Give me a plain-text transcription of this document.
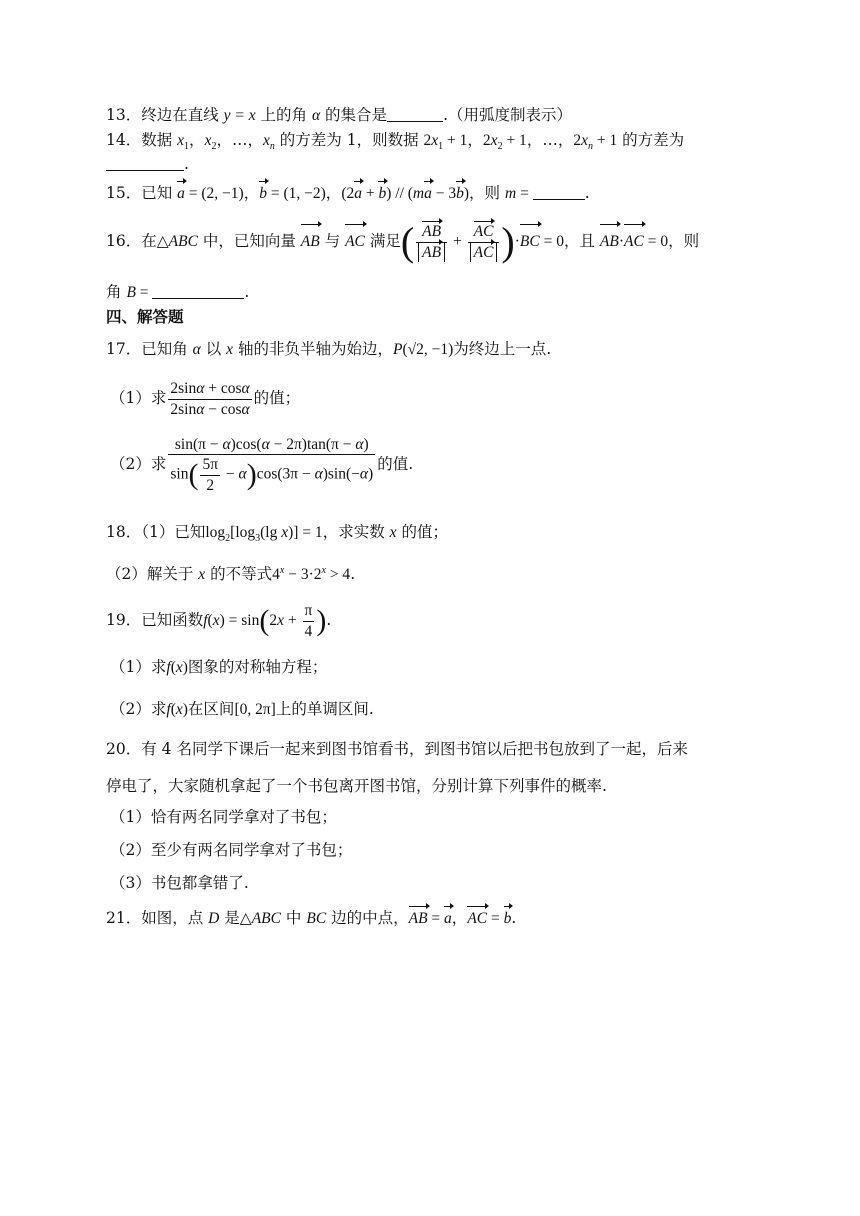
13．终边在直线 y = x 上的角 α 的集合是	.（用弧度制表示）
14．数据 $x_1$，$x_2$，…，$x_n$ 的方差为 1，则数据 $2x_1 + 1$，$2x_2 + 1$，…，$2x_n + 1$ 的方差为
.
15．已知 a = (2, −1)，b = (1, −2)，(2a + b) // (ma − 3b)，则 m =	.
16．在△ABC 中，已知向量 AB 与 AC 满足( $\frac{AB}{AB} + \frac{AC}{AC} )\cdot BC = 0$，且 AB·AC = 0，则
角 B =	.
四、解答题
17．已知角 α 以 x 轴的非负半轴为始边，P(√2, −1)为终边上一点.
（1）求 $\frac{2\sin\alpha + \cos\alpha}{2\sin\alpha - \cos\alpha}$ 的值；
（2）求 $\frac{\sin(\pi - \alpha)\cos(\alpha - 2\pi)\tan(\pi - \alpha)}{\sin( \frac{5\pi}{2} - \alpha)\cos(3\pi - \alpha)\sin(-\alpha)}$ 的值.
18．（1）已知$\log_2[\log_3(\lg$ x)] = 1，求实数 x 的值；
（2）解关于 x 的不等式$4^x - 3\cdot 2^x > 4$.
19．已知函数$f(x) = \sin(2x + \frac{\pi}{4}$ ).
（1）求f(x)图象的对称轴方程；
（2）求f(x)在区间[0, 2π]上的单调区间.
20．有 4 名同学下课后一起来到图书馆看书，到图书馆以后把书包放到了一起，后来
停电了，大家随机拿起了一个书包离开图书馆，分别计算下列事件的概率.
（1）恰有两名同学拿对了书包；
（2）至少有两名同学拿对了书包；
（3）书包都拿错了.
21．如图，点 D 是△ABC 中 BC 边的中点，AB = a，AC = b.
